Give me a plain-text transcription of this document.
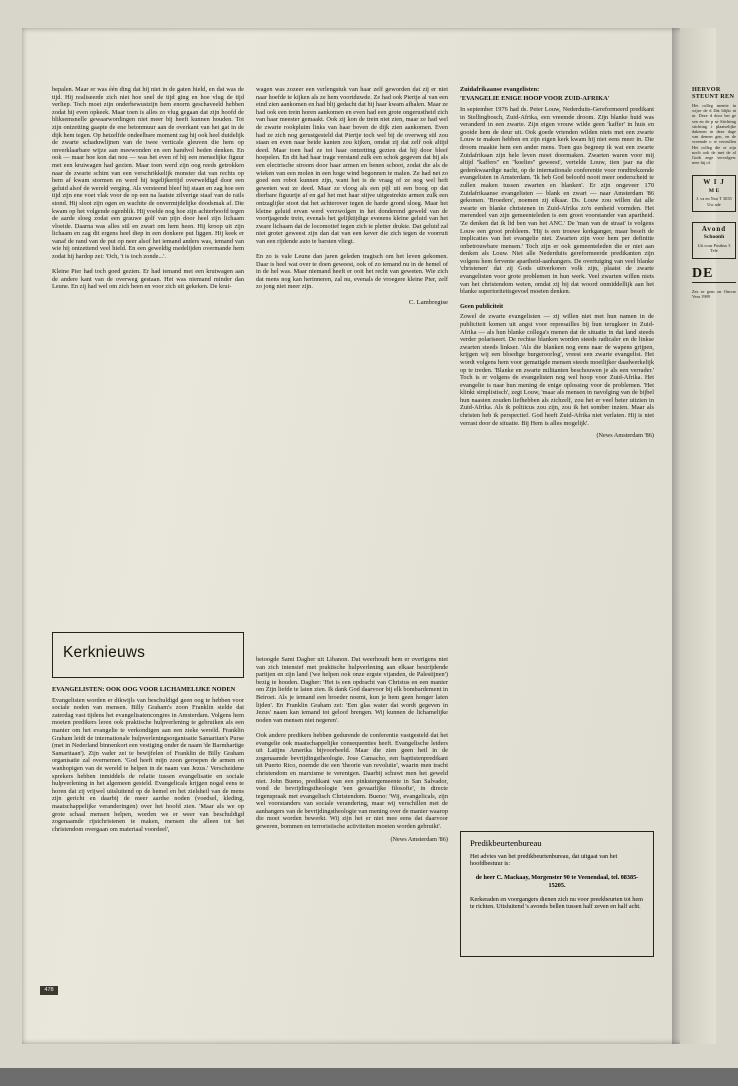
bepalen. Maar er was één ding dat hij niet in de gaten hield, en dat was de tijd. Hij realiseerde zich niet hoe snel de tijd ging en hoe vlug de tijd verliep. Toch moet zijn onderbewustzijn hem enorm geschaveeld hebben zodat hij even opkeek. Maar toen is alles zo vlug gegaan dat zijn hoofd de bliksemsnelle gewaarwordingen niet meer bij heeft kunnen houden. Tot zijn ontzetting gaapte de ene betonmuur aan de overkant van het gat in de dijk hem tegen. Op hetzelfde ondeelbare moment zag hij ook heel duidelijk de zwarte schaduwlijnen van de twee verticale gleuven die hem op onverklaarbare wijze aan meewonden en een handvol beden denken. En ook — maar hoe kon dat nou — was het even of hij een menselijke figuur met een kruiwagen had gezien. Maar toen werd zijn oog reeds getrokken naar de zwarte schim van een verschrikkelijk monster dat van rechts op hem af kwam stormen en werd hij tegelijkertijd overweldigd door een geluid alsof de wereld verging. Als versteend bleef hij staan en zag hoe een tijd zijn ene voet vlak voor de op een na laatste zilverige staaf van de rails stond. Hij sloot zijn ogen en wachtte de onvermijdelijke doodsmak af. Die kwam op het volgende ogenblik. Hij voelde nog hoe zijn achterhoofd tegen de aarde sloeg zodat een grauwe golf van pijn door heel zijn lichaam vloeide. Daarna was alles stil en zwart om hem heen. Hij kroop uit zijn lichaam en zag dit ergens heel diep in een donkere put liggen. Hij keek er vanaf de rand van de put op neer alsof het iemand anders was, iemand van wie hij ontzettend veel hield. En een geweldig medelijden overmande hem zodat hij hardop zei: 'Och, 't is toch zonde...'.

Kleine Pier had toch goed gezien. Er had iemand met een kruiwagen aan de andere kant van de overweg gestaan. Het was niemand minder dan Leune. En zij had wel om zich heen en voor zich uit gekeken. De krui-

wagen was zozeer een verlengstuk van haar zelf geworden dat zij er niet naar hoefde te kijken als ze hem voortduwde. Ze had ook Piertje al van een eind zien aankomen en had blij gedacht dat hij haar kwam afhalen. Maar ze had ook een trein horen aankomen en even had een grote ongerustheid zich van haar meester gemaakt. Ook zij kon de trein niet zien, maar ze had wel de zwarte rookpluim links van haar boven de dijk zien aankomen. Even had ze zich nog gerustgesteld dat Piertje toch wel bij de overweg stil zou staan en even naar beide kanten zou kijken, omdat zij dat zelf ook altijd deed. Maar toen had ze tot haar ontzetting gezien dat hij door bleef hoepelen. En dit had haar trage verstand zulk een schok gegeven dat hij als een electrische stroom door haar armen en benen schoot, zodat die als de wieken van een molen in een hoge wind begonnen te malen. Ze had net zo goed een robot kunnen zijn, want het is de vraag of ze nog wel heft geweten wat ze deed. Maar ze vloog als een pijl uit een boog op dat dierbare figuurtje af en gaf het met haar stijve uitgestrekte armen zulk een ontzaglijke stoot dat het achterover tegen de harde grond sloeg. Maar het kleine geluid ervan werd verzwolgen in het donderend geweld van de voortjagende trein, evenals het gelijktijdige evenens kleine geluid van het zware lichaam dat de locomotief tegen zich te pletter drukte. Dat geluid zal niet groter geweest zijn dan dat van een kever die zich tegen de voorruit van een rijdende auto te barsten vliegt.

En zo is vale Leune dan jaren geleden tragisch om het leven gekomen. Daar is heel wat over te doen geweest, ook of zo iemand nu in de hemel of in de hel was. Maar niemand heeft er ooit het recht van geweten. Wie zich dat mens nog kan herinneren, zal nu, evenals de vroegere kleine Pier, zelf zo jong niet meer zijn.

C. Lambregtse
Kerknieuws
EVANGELISTEN: OOK OOG VOOR LICHAMELIJKE NODEN

Evangelisten worden er dikwijls van beschuldigd geen oog te hebben voor sociale noden van mensen. Billy Graham's zoon Franklin stelde dat zaterdag vast tijdens het evangelisatencongres in Amsterdam. Volgens hem moeten predikers leren ook praktische hulpverlening te gebruiken als een manier om het evangelie te verkondigen aan een zieke wereld. Franklin Graham leidt de internationale hulpverleningsorganisatie Samaritan's Purse (met in Nederland binnenkort een vestiging onder de naam 'de Barmhartige Samaritaan'). Zijn vader zei te bewijfelen of Franklin de Billy Graham organisatie zal overnemen. 'God heeft mijn zoon geroepen de armen en wanhopigen van de wereld te helpen in de naam van Jezus.' Verscheidene sprekers hebben inmiddels de relatie tussen evangelisatie en sociale hulpverlening in het algemeen gesteld. Evangelicals krijgen nogal eens te horen dat zij vrijwel uitsluitend op de hemel en het zielsheil van de mens zijn gericht en daarbij de meer aardse noden (voedsel, kleding, maatschappelijke veranderingen) over het hoofd zien. 'Maar als we op grote schaal mensen helpen, worden we er weer van beschuldigd zogenaamde rijstchristenen te maken, mensen die alleen tot het christendom overgaan om materiaal voordeel',

betoogde Sami Dagher uit Libanon. Dat weerhoudt hem er overigens niet van zich intensief met praktische hulpverlening aan elkaar bestrijdende partijen en zijn land ('we helpen ook onze ergste vijanden, de Palestijnen') bezig te houden. Dagher: 'Het is een opdracht van Christus en een manier om Zijn liefde te laten zien. Ik dank God daarvoor bij elk bombardement in Beiroet. Als je iemand een broeder noemt, kun je hem geen honger laten lijden'. En Franklin Graham zei: 'Een glas water dat wordt gegeven in Jezus' naam kan iemand tot geloof brengen. Wij kunnen de lichamelijke noden van mensen niet negeren'.

Ook andere predikers hebben gedurende de conferentie vastgesteld dat het evangelie ook maatschappelijke consequenties heeft. Evangelische leiders uit Latijns Amerika bijvoorbeeld. Maar die zien geen heil in de zogenaamde bevrijdingstheologie. Jose Camacho, een baptistenpredikant uit Puerto Rico, noemde die een 'theorie van revolutie', waarin men tracht christendom en marxisme te verenigen. Daarbij schuwt men het geweld niet. John Bueno, predikant van een pinkstergemeente in San Salvador, vond de bevrijdingstheologie 'een gevaarlijke filosofie', in directe tegenspraak met evangelisch Christendom. Bueno: 'Wij, evangelicals, zijn wel voorstanders van sociale verandering, maar wij verschillen met de aanhangers van de bevrijdingstheologie van mening over de manier waarop die moet worden bewerkt. Wij zijn het er niet mee eens dat daarvoor geweren, bommen en terroristische activiteiten moeten worden gebruikt'.

(News Amsterdam '86)
Zuidafrikaanse evangelisten:
'EVANGELIE ENIGE HOOP VOOR ZUID-AFRIKA'

In september 1976 had ds. Peter Louw, Nederduits-Gereformeerd predikant in Stellingbosch, Zuid-Afrika, een vreemde droom. Zijn blanke huid was veranderd in een zwarte. Zijn eigen vrouw wilde geen 'kaffer' in huis en gooide hem de deur uit. Ook goede vrienden wilden niets met een zwarte Louw te maken hebben en zijn eigen kerk kwam hij niet eens meer in. Die droom maakte hem een ander mens. Toen gus begreep ik wat een zwarte Zuidafrikaan zijn hele leven moet doormaken. Zwarten waren voor mij altijd ''kaffers'' en ''koelies'' geweest', vertelde Louw, tien jaar na die gedenkwaardige nacht, op de internationale conferentie voor rondtrekzende evangelisten in Amsterdam. 'Ik heb God beloofd nooit meer onderscheid te zullen maken tussen zwarten en blanken'. Er zijn ongeveer 170 Zuidafrikaanse evangelisten — blank en zwart — naar Amsterdam '86 gekomen. 'Broeders', noemen zij elkaar. Ds. Louw zou willen dat alle zwarte en blanke christenen in Zuid-Afrika zo'n eenheid vormden. Het merendeel van zijn gemeenteleden is een groot voorstander van apartheid. 'Ze denken dat ik lid ben van het ANC.' De 'man van de straat' is volgens Louw een groot probleem. 'Hij is een trouwe kerkganger, maar beseft de implicaties van het evangelie niet. Zwarten zijn voor hem per definitie onbetrouwbare mensen.' Toch zijn er ook gemeenteleden die er niet aan denken als Louw. Niet alle Nederduits gereformeerde predikanten zijn volgens hem fervente apartheid-aanhangers. De overtuiging van veel blanke 'christenen' dat zij Gods uitverkoren volk zijn, plaatst de zwarte evangelisten voor grote problemen in hun werk. Veel zwarten willen niets van het christendom weten, omdat zij bij dat woord onmiddellijk aan het blanke superioriteitsgevoel moeten denken.

Geen publiciteit

Zowel de zwarte evangelisten — zij willen niet met hun namen in de publiciteit komen uit angst voor represailles bij hun terugkeer in Zuid-Afrika — als hun blanke collega's menen dat de situatie in dat land steeds verder polariseert. De rechtse blanken worden steeds radicaler en de linkse zwarten steeds linkser. 'Als die blanken nog eens naar de wapens grijpen, krijgen wij een bloedige burgeroorlog', vreest een zwarte evangelist. Het wordt volgens hem voor gematigde mensen steeds moeilijker daadwerkelijk op te treden. 'Blanke en zwarte militanten beschouwen je als een verrader.' Toch is er volgens de evangelisten nog wel hoop voor Zuid-Afrika. Het evangelie is naar hun mening de enige oplossing voor de problemen. 'Het klinkt simplistisch', zegt Louw, 'maar als mensen in navolging van de bijbel hun naasten zouden liefhebben als zichzelf, zou het er veel beter uitzien in Zuid-Afrika. Als ik politicus zou zijn, zou ik het somber inzien. Maar als christen heb ik perspectief. God heeft Zuid-Afrika niet verlaten. Hij is niet verrast door de situatie. Bij Hem is alles mogelijk'.

(News Amsterdam '86)
Predikbeurtenbureau
Het advies van het predikbeurtenbureau, dat uitgaat van het hoofdbestuur is:
de heer C. Mackaay, Morgenster 90 te Veenendaal, tel. 08385-15205.
Kerkeraden en voorgangers dienen zich nu voor preekbeurten tot hem te richten. Uitsluitend 's avonds bellen tussen half zeven en half acht.
478
HERVOR STEUNT REN
Het colleg mentie in wijze de d Dat blijkt ni ni. Deze d door het ge sen en de p se Stichting stichting t plaatselijke dakenen in deze dage van demen gen, en de vreemde o te vertrullen Het colleg die er zijn noch ook de met de af Gods zege vervolgen: neer hij of
W I J
M E
J. va en Noo T 3035 Uw ade
Avond
Schoonh
Uit vour Postbus 3 Tele
DE
Zes se gem on Omvar Vera 1989
